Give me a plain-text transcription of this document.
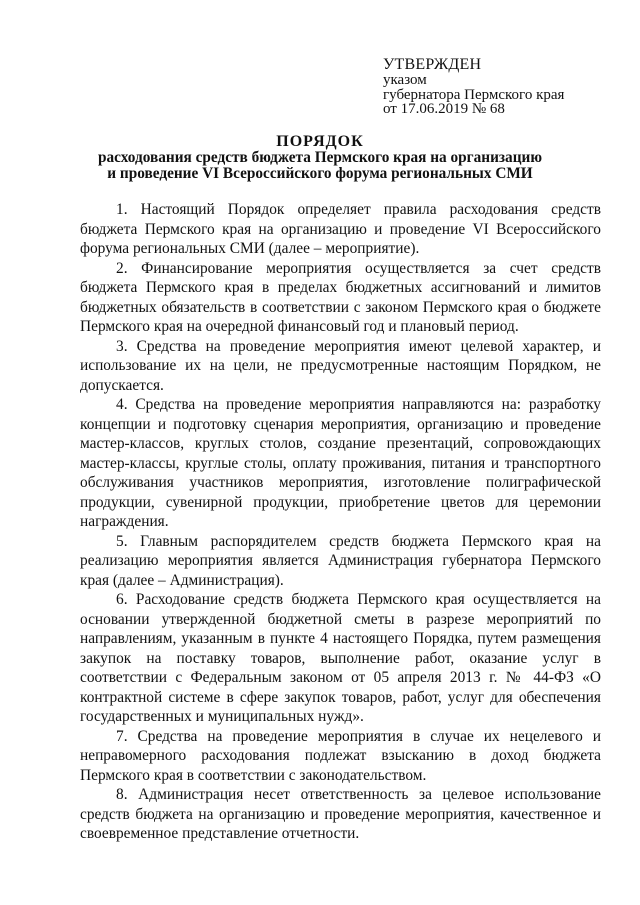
УТВЕРЖДЕН
указом
губернатора Пермского края
от 17.06.2019 № 68
ПОРЯДОК
расходования средств бюджета Пермского края на организацию
и проведение VI Всероссийского форума региональных СМИ

1. Настоящий Порядок определяет правила расходования средств бюджета Пермского края на организацию и проведение VI Всероссийского форума региональных СМИ (далее – мероприятие).

2. Финансирование мероприятия осуществляется за счет средств бюджета Пермского края в пределах бюджетных ассигнований и лимитов бюджетных обязательств в соответствии с законом Пермского края о бюджете Пермского края на очередной финансовый год и плановый период.

3. Средства на проведение мероприятия имеют целевой характер, и использование их на цели, не предусмотренные настоящим Порядком, не допускается.

4. Средства на проведение мероприятия направляются на: разработку концепции и подготовку сценария мероприятия, организацию и проведение мастер-классов, круглых столов, создание презентаций, сопровождающих мастер-классы, круглые столы, оплату проживания, питания и транспортного обслуживания участников мероприятия, изготовление полиграфической продукции, сувенирной продукции, приобретение цветов для церемонии награждения.

5. Главным распорядителем средств бюджета Пермского края на реализацию мероприятия является Администрация губернатора Пермского края (далее – Администрация).

6. Расходование средств бюджета Пермского края осуществляется на основании утвержденной бюджетной сметы в разрезе мероприятий по направлениям, указанным в пункте 4 настоящего Порядка, путем размещения закупок на поставку товаров, выполнение работ, оказание услуг в соответствии с Федеральным законом от 05 апреля 2013 г. № 44-ФЗ «О контрактной системе в сфере закупок товаров, работ, услуг для обеспечения государственных и муниципальных нужд».

7. Средства на проведение мероприятия в случае их нецелевого и неправомерного расходования подлежат взысканию в доход бюджета Пермского края в соответствии с законодательством.

8. Администрация несет ответственность за целевое использование средств бюджета на организацию и проведение мероприятия, качественное и своевременное представление отчетности.
